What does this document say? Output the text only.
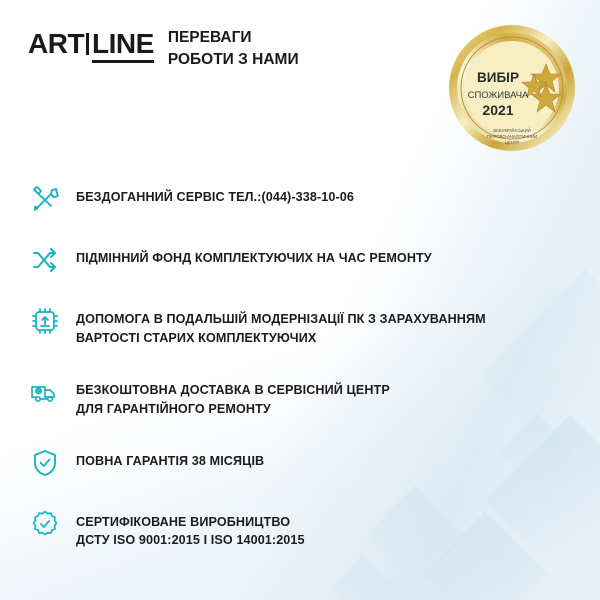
ART LINE ПЕРЕВАГИ
РОБОТИ З НАМИ
ВИБІР
СПОЖИВАЧА
2021
ВСЕУКРАЇНСЬКИЙ
ПІАРОВО-АНАЛІТИЧНИЙ
ЦЕНТР
БЕЗДОГАННИЙ СЕРВІС ТЕЛ.:(044)-338-10-06
ПІДМІННИЙ ФОНД КОМПЛЕКТУЮЧИХ НА ЧАС РЕМОНТУ
ДОПОМОГА В ПОДАЛЬШІЙ МОДЕРНІЗАЦІЇ ПК З ЗАРАХУВАННЯМ
ВАРТОСТІ СТАРИХ КОМПЛЕКТУЮЧИХ
БЕЗКОШТОВНА ДОСТАВКА В СЕРВІСНИЙ ЦЕНТР
ДЛЯ ГАРАНТІЙНОГО РЕМОНТУ
ПОВНА ГАРАНТІЯ 38 МІСЯЦІВ
СЕРТИФІКОВАНЕ ВИРОБНИЦТВО
ДСТУ ISO 9001:2015 І ISO 14001:2015
